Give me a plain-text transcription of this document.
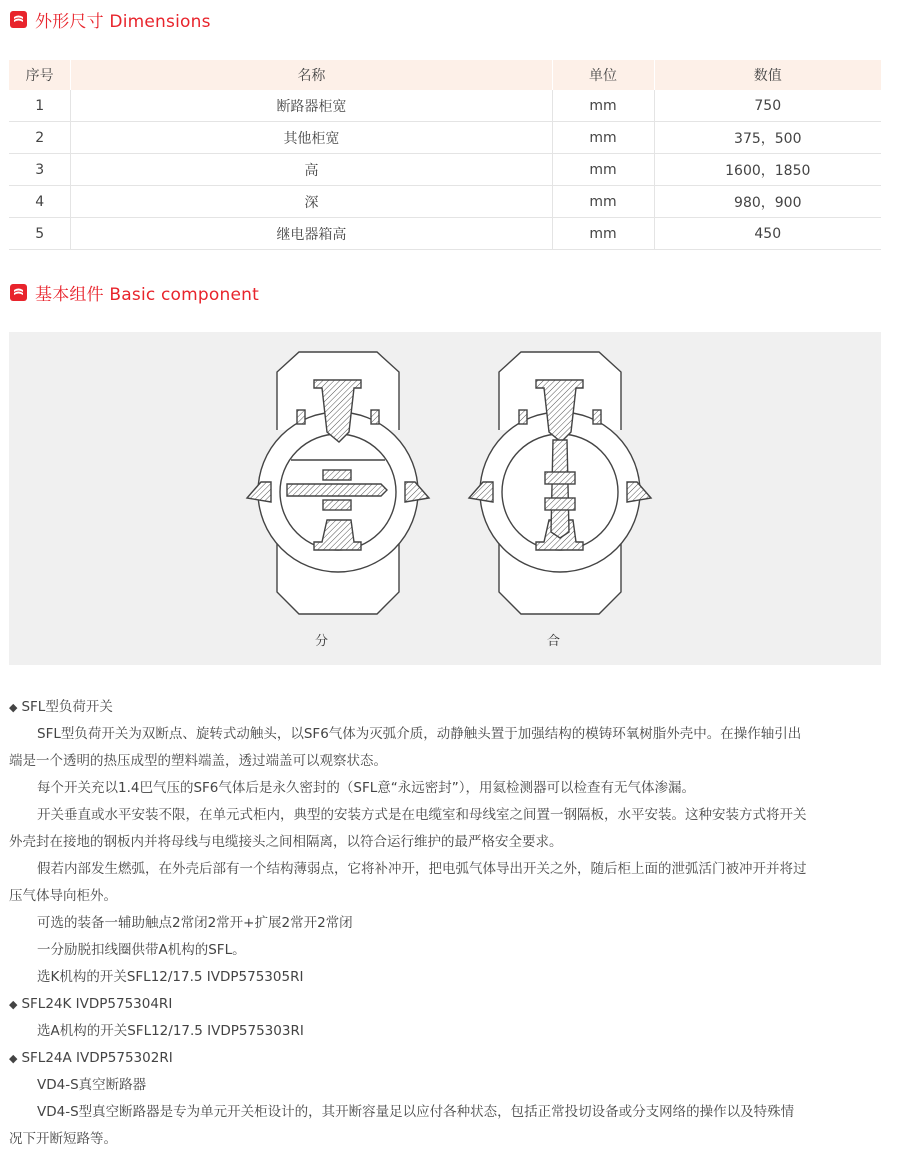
外形尺寸 Dimensions
序号	名称	单位	数值
1	断路器柜宽	mm	750
2	其他柜宽	mm	375，500
3	高	mm	1600，1850
4	深	mm	980，900
5	继电器箱高	mm	450
基本组件 Basic component
分	合

◆ SFL型负荷开关

SFL型负荷开关为双断点、旋转式动触头，以SF6气体为灭弧介质，动静触头置于加强结构的模铸环氧树脂外壳中。在操作轴引出

端是一个透明的热压成型的塑料端盖，透过端盖可以观察状态。

每个开关充以1.4巴气压的SF6气体后是永久密封的（SFL意“永远密封”），用氦检测器可以检查有无气体渗漏。

开关垂直或水平安装不限，在单元式柜内，典型的安装方式是在电缆室和母线室之间置一钢隔板，水平安装。这种安装方式将开关

外壳封在接地的钢板内并将母线与电缆接头之间相隔离，以符合运行维护的最严格安全要求。

假若内部发生燃弧，在外壳后部有一个结构薄弱点，它将补冲开，把电弧气体导出开关之外，随后柜上面的泄弧活门被冲开并将过

压气体导向柜外。

可选的装备一辅助触点2常闭2常开+扩展2常开2常闭

一分励脱扣线圈供带A机构的SFL。

选K机构的开关SFL12/17.5 IVDP575305RI

◆ SFL24K IVDP575304RI

选A机构的开关SFL12/17.5 IVDP575303RI

◆ SFL24A IVDP575302RI

VD4-S真空断路器

VD4-S型真空断路器是专为单元开关柜设计的，其开断容量足以应付各种状态，包括正常投切设备或分支网络的操作以及特殊情

况下开断短路等。
